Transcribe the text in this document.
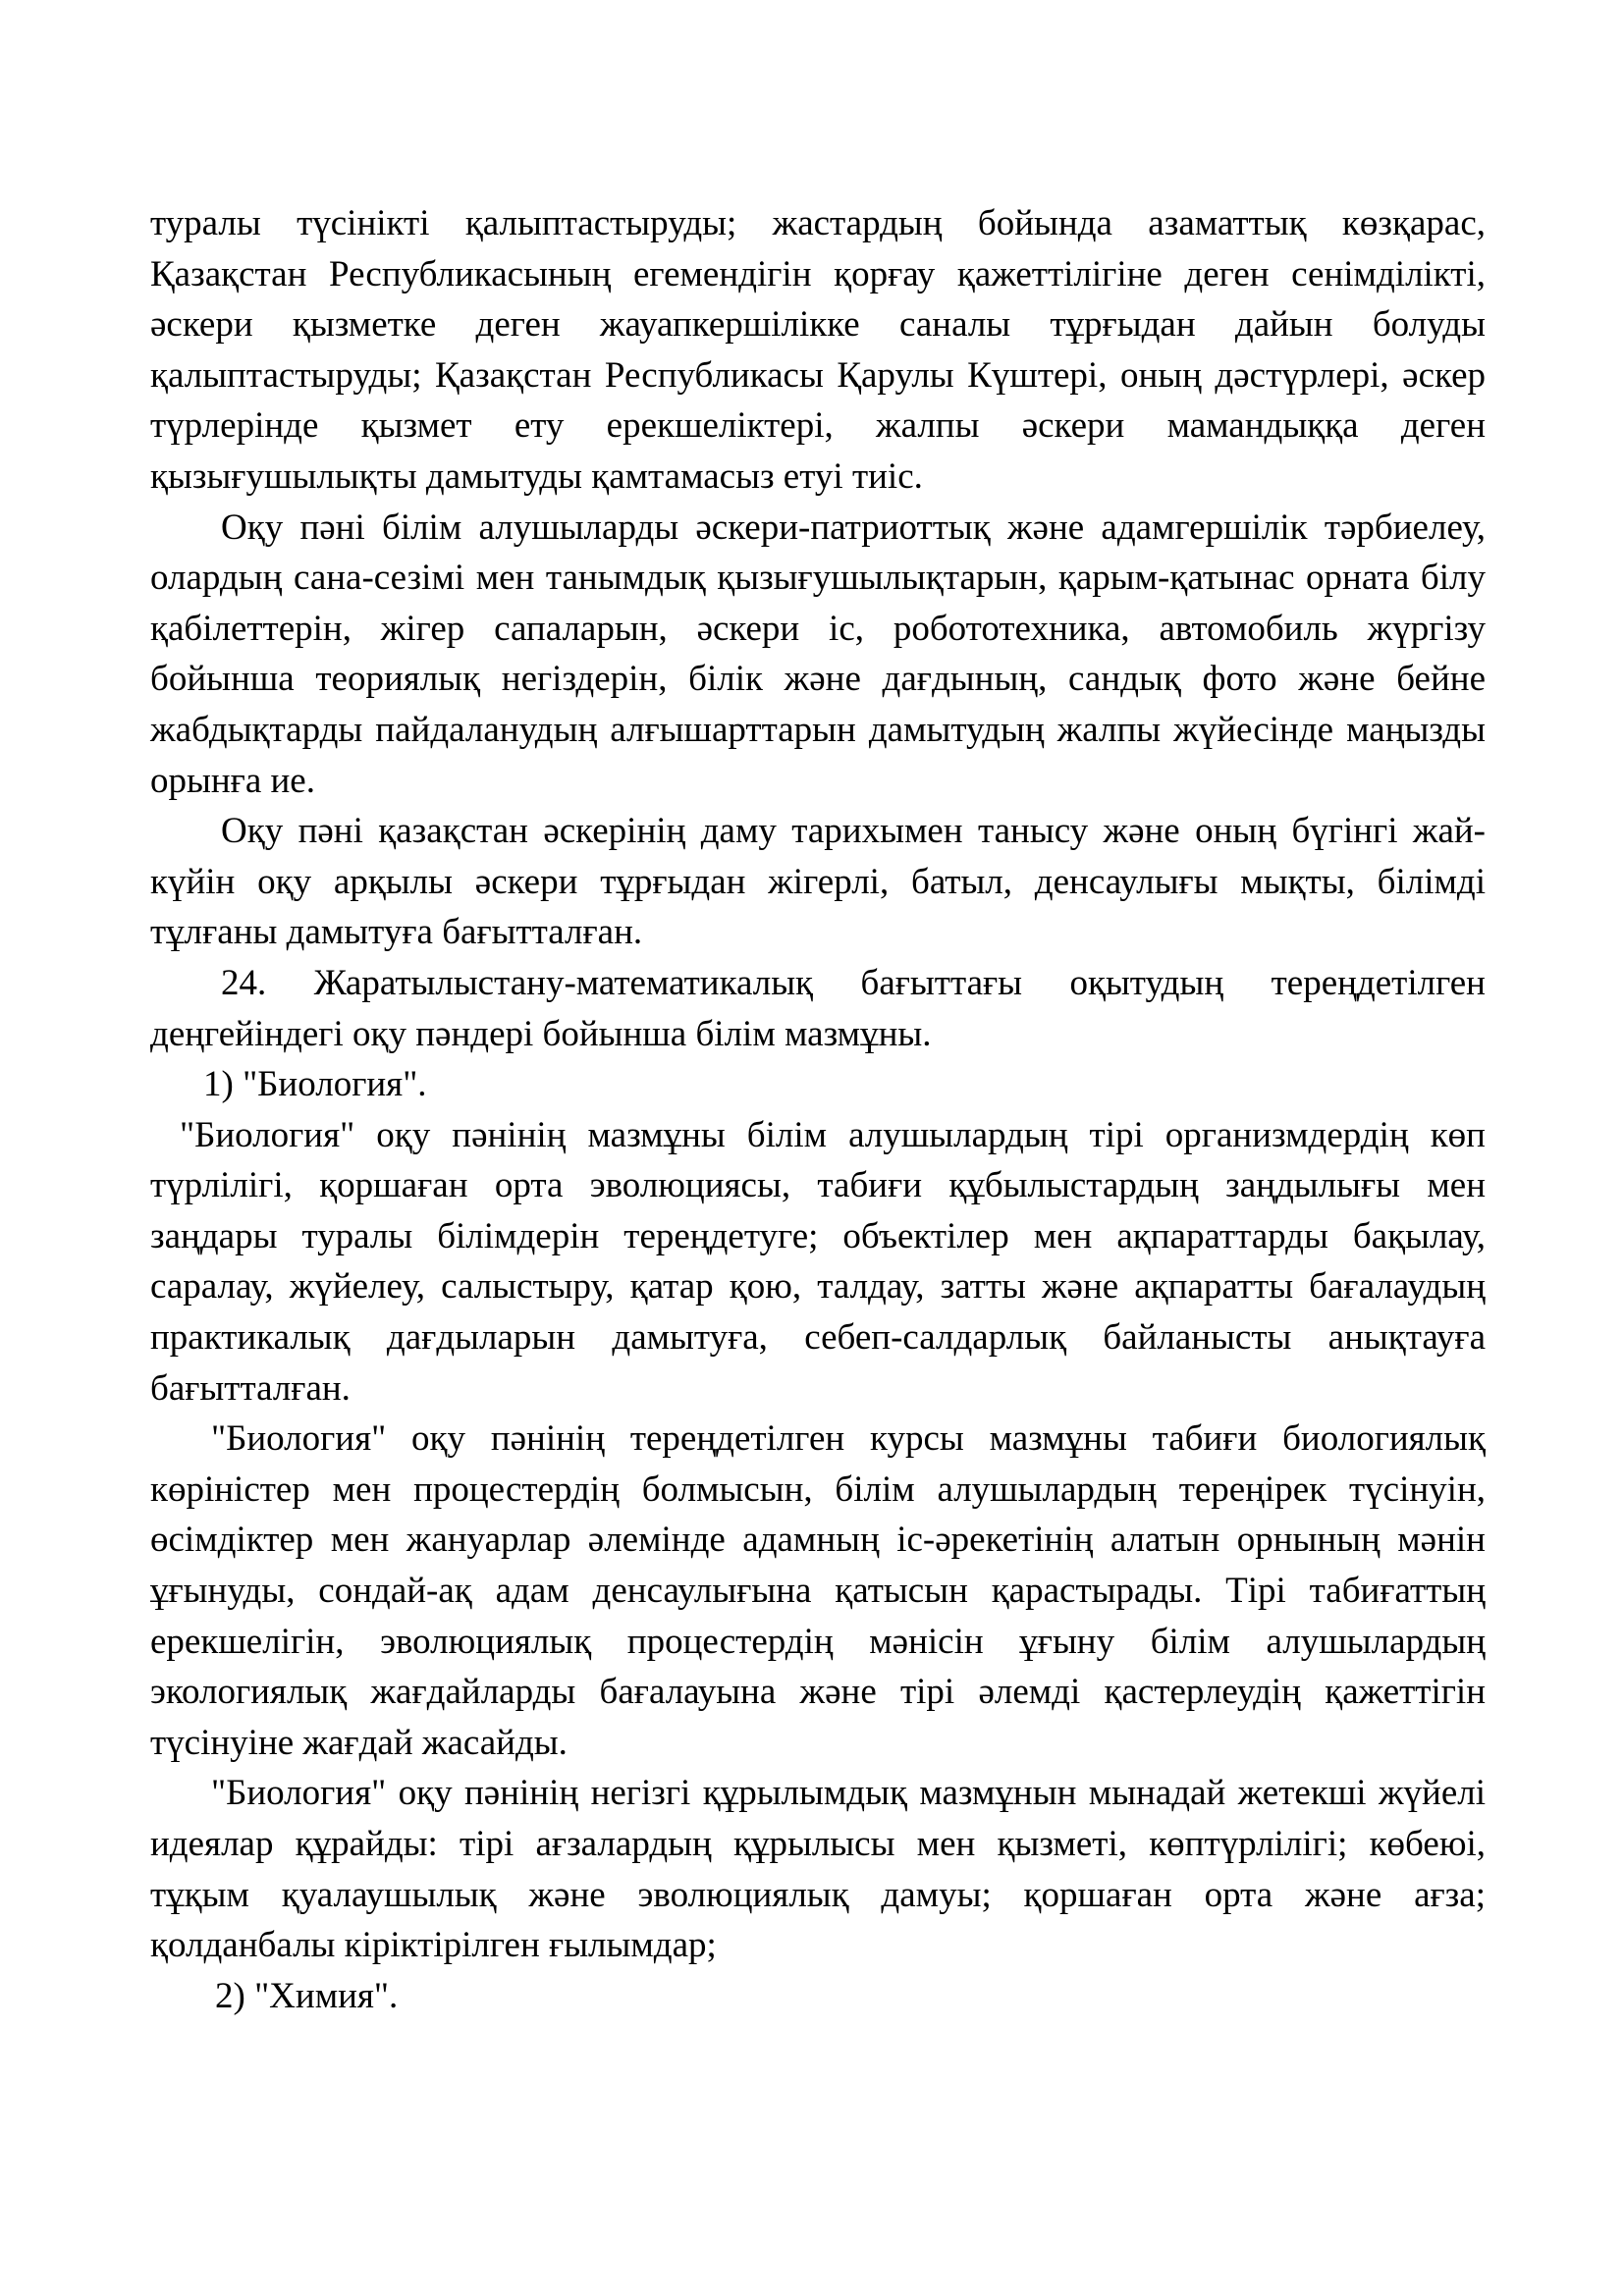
туралы түсінікті қалыптастыруды; жастардың бойында азаматтық көзқарас, Қазақстан Республикасының егемендігін қорғау қажеттілігіне деген сенімділікті, әскери қызметке деген жауапкершілікке саналы тұрғыдан дайын болуды қалыптастыруды; Қазақстан Республикасы Қарулы Күштері, оның дәстүрлері, әскер түрлерінде қызмет ету ерекшеліктері, жалпы әскери мамандыққа деген қызығушылықты дамытуды қамтамасыз етуі тиіс.

Оқу пәні білім алушыларды әскери-патриоттық және адамгершілік тәрбиелеу, олардың сана-сезімі мен танымдық қызығушылықтарын, қарым-қатынас орната білу қабілеттерін, жігер сапаларын, әскери іс, робототехника, автомобиль жүргізу бойынша теориялық негіздерін, білік және дағдының, сандық фото және бейне жабдықтарды пайдаланудың алғышарттарын дамытудың жалпы жүйесінде маңызды орынға ие.

Оқу пәні қазақстан әскерінің даму тарихымен танысу және оның бүгінгі жай-күйін оқу арқылы әскери тұрғыдан жігерлі, батыл, денсаулығы мықты, білімді тұлғаны дамытуға бағытталған.

24. Жаратылыстану-математикалық бағыттағы оқытудың тереңдетілген деңгейіндегі оқу пәндері бойынша білім мазмұны.

1) "Биология".

"Биология" оқу пәнінің мазмұны білім алушылардың тірі организмдердің көп түрлілігі, қоршаған орта эволюциясы, табиғи құбылыстардың заңдылығы мен заңдары туралы білімдерін тереңдетуге; объектілер мен ақпараттарды бақылау, саралау, жүйелеу, салыстыру, қатар қою, талдау, затты және ақпаратты бағалаудың практикалық дағдыларын дамытуға, себеп-салдарлық байланысты анықтауға бағытталған.

"Биология" оқу пәнінің тереңдетілген курсы мазмұны табиғи биологиялық көріністер мен процестердің болмысын, білім алушылардың тереңірек түсінуін, өсімдіктер мен жануарлар әлемінде адамның іс-әрекетінің алатын орнының мәнін ұғынуды, сондай-ақ адам денсаулығына қатысын қарастырады. Тірі табиғаттың ерекшелігін, эволюциялық процестердің мәнісін ұғыну білім алушылардың экологиялық жағдайларды бағалауына және тірі әлемді қастерлеудің қажеттігін түсінуіне жағдай жасайды.

"Биология" оқу пәнінің негізгі құрылымдық мазмұнын мынадай жетекші жүйелі идеялар құрайды: тірі ағзалардың құрылысы мен қызметі, көптүрлілігі; көбеюі, тұқым қуалаушылық және эволюциялық дамуы; қоршаған орта және ағза; қолданбалы кіріктірілген ғылымдар;

2) "Химия".
